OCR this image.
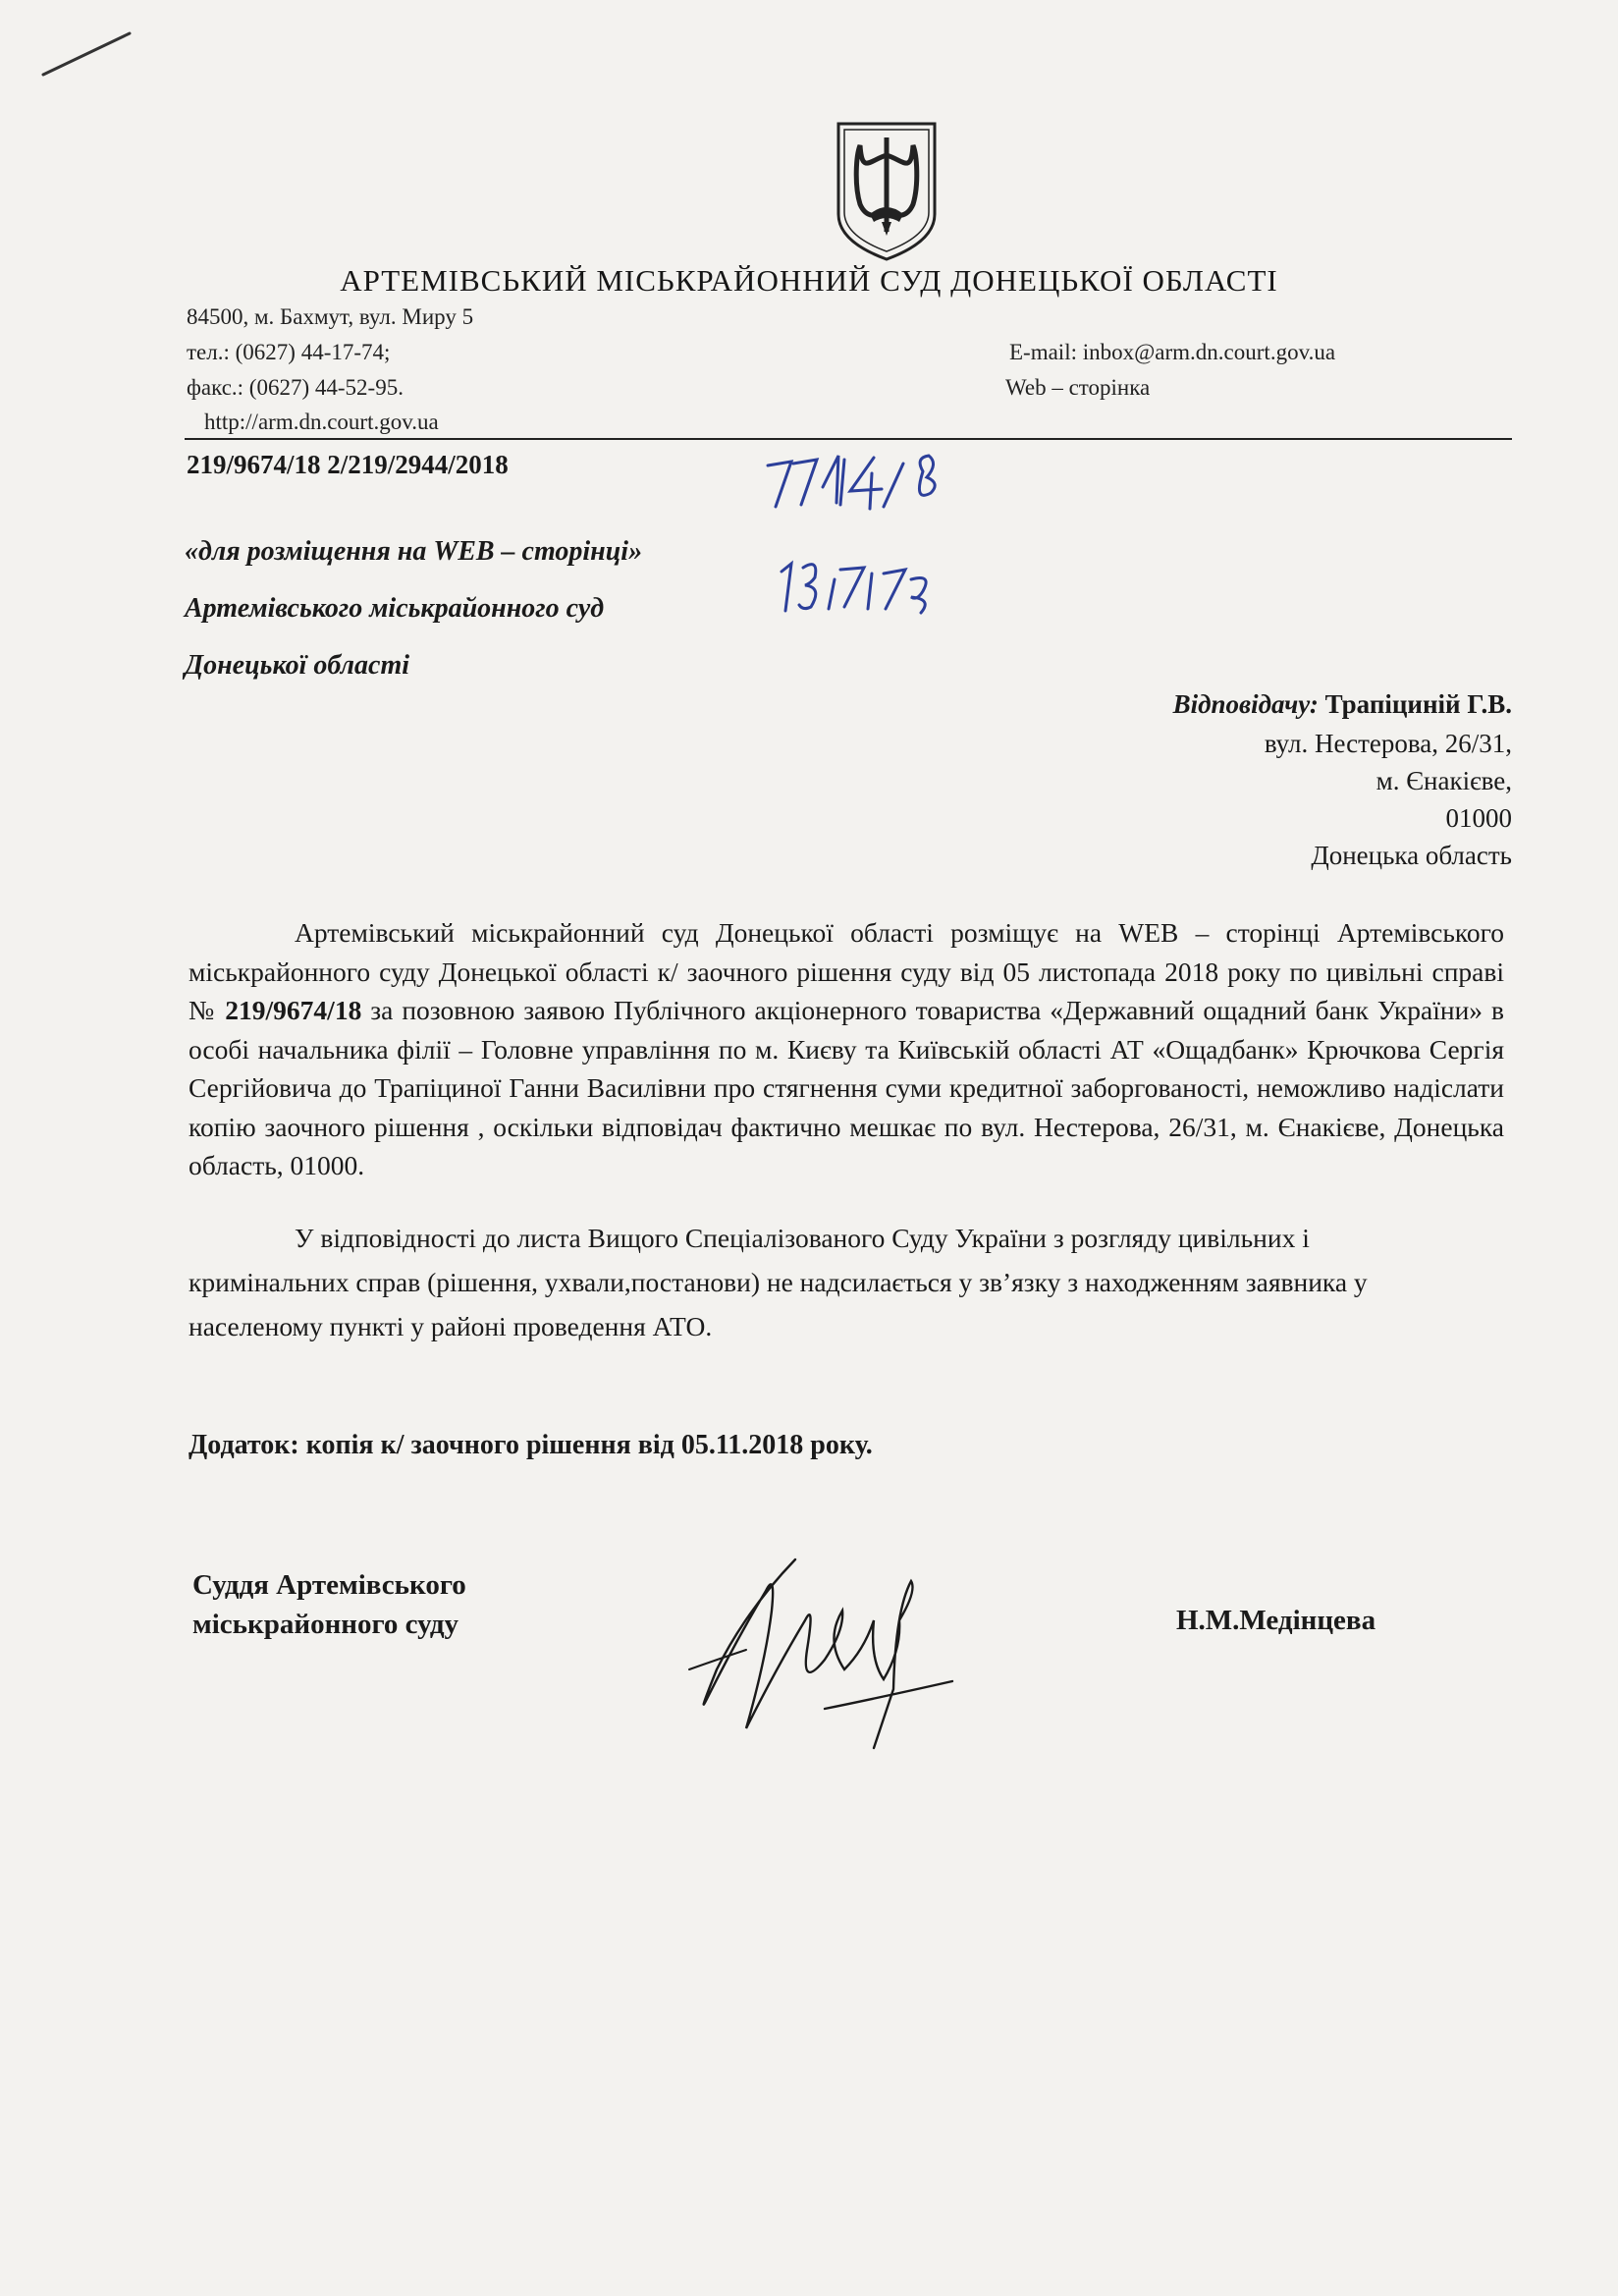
АРТЕМІВСЬКИЙ МІСЬКРАЙОННИЙ СУД ДОНЕЦЬКОЇ ОБЛАСТІ
84500, м. Бахмут, вул. Миру 5
тел.: (0627) 44-17-74;
факс.: (0627) 44-52-95.
http://arm.dn.court.gov.ua
E-mail: inbox@arm.dn.court.gov.ua
Web – сторінка
219/9674/18 2/219/2944/2018
«для розміщення на WEB – сторінці»
Артемівського міськрайонного суд
Донецької області
Відповідачу: Трапіциній Г.В.
вул. Нестерова, 26/31,
м. Єнакієве,
01000
Донецька область
Артемівський міськрайонний суд Донецької області розміщує на WEB – сторінці Артемівського міськрайонного суду Донецької області к/ заочного рішення суду від 05 листопада 2018 року по цивільні справі № 219/9674/18 за позовною заявою Публічного акціонерного товариства «Державний ощадний банк України» в особі начальника філії – Головне управління по м. Києву та Київській області АТ «Ощадбанк» Крючкова Сергія Сергійовича до Трапіциної Ганни Василівни про стягнення суми кредитної заборгованості, неможливо надіслати копію заочного рішення , оскільки відповідач фактично мешкає по вул. Нестерова, 26/31, м. Єнакієве, Донецька область, 01000.
У відповідності до листа Вищого Спеціалізованого Суду України з розгляду цивільних і кримінальних справ (рішення, ухвали,постанови) не надсилається у зв’язку з находженням заявника у населеному пункті у районі проведення АТО.
Додаток: копія к/ заочного рішення від 05.11.2018 року.
Суддя Артемівського
міськрайонного суду	Н.М.Медінцева
